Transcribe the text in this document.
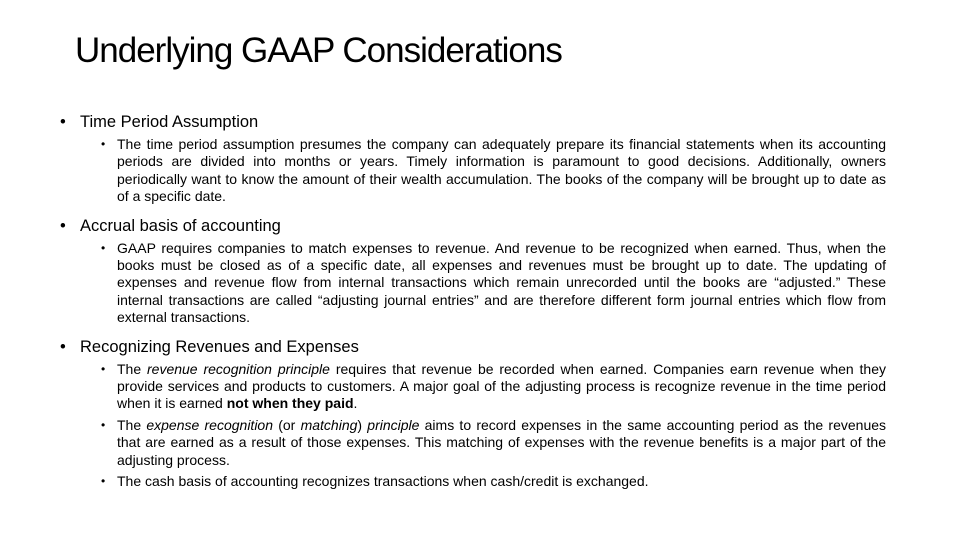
Underlying GAAP Considerations
• Time Period Assumption
• The time period assumption presumes the company can adequately prepare its financial statements when its accounting periods are divided into months or years. Timely information is paramount to good decisions. Additionally, owners periodically want to know the amount of their wealth accumulation. The books of the company will be brought up to date as of a specific date.
• Accrual basis of accounting
• GAAP requires companies to match expenses to revenue. And revenue to be recognized when earned. Thus, when the books must be closed as of a specific date, all expenses and revenues must be brought up to date. The updating of expenses and revenue flow from internal transactions which remain unrecorded until the books are “adjusted.” These internal transactions are called “adjusting journal entries” and are therefore different form journal entries which flow from external transactions.
• Recognizing Revenues and Expenses
• The revenue recognition principle requires that revenue be recorded when earned. Companies earn revenue when they provide services and products to customers. A major goal of the adjusting process is recognize revenue in the time period when it is earned not when they paid.
• The expense recognition (or matching) principle aims to record expenses in the same accounting period as the revenues that are earned as a result of those expenses. This matching of expenses with the revenue benefits is a major part of the adjusting process.
• The cash basis of accounting recognizes transactions when cash/credit is exchanged.
